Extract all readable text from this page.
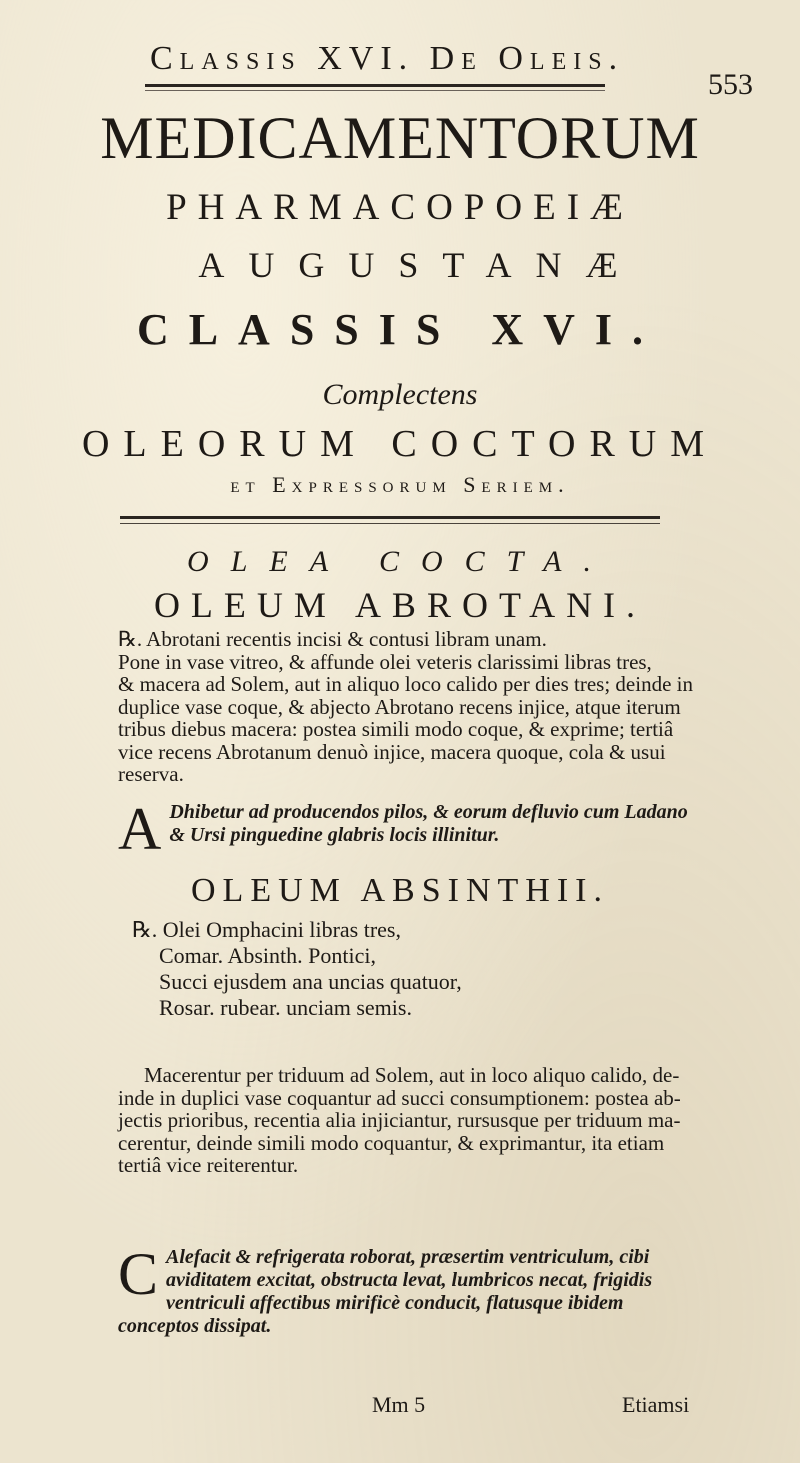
Classis XVI. De Oleis.
553
MEDICAMENTORUM
PHARMACOPOEIÆ
AUGUSTANÆ
CLASSIS XVI.
Complectens
OLEORUM COCTORUM
et Expressorum Seriem.
OLEA COCTA.
OLEUM ABROTANI.
℞. Abrotani recentis incisi & contusi libram unam.
Pone in vase vitreo, & affunde olei veteris clarissimi libras tres,
& macera ad Solem, aut in aliquo loco calido per dies tres; deinde in
duplice vase coque, & abjecto Abrotano recens injice, atque iterum
tribus diebus macera: postea simili modo coque, & exprime; tertiâ
vice recens Abrotanum denuò injice, macera quoque, cola & usui
reserva.
A Dhibetur ad producendos pilos, & eorum defluvio cum Ladano & Ursi pinguedine glabris locis illinitur.
OLEUM ABSINTHII.
℞. Olei Omphacini libras tres,
Comar. Absinth. Pontici,
Succi ejusdem ana uncias quatuor,
Rosar. rubear. unciam semis.
Macerentur per triduum ad Solem, aut in loco aliquo calido, de-
inde in duplici vase coquantur ad succi consumptionem: postea ab-
jectis prioribus, recentia alia injiciantur, rursusque per triduum ma-
cerentur, deinde simili modo coquantur, & exprimantur, ita etiam
tertiâ vice reiterentur.
C Alefacit & refrigerata roborat, præsertim ventriculum, cibi aviditatem excitat, obstructa levat, lumbricos necat, frigidis ventriculi affectibus mirificè conducit, flatusque ibidem conceptos dissipat.
Mm 5	Etiamsi
